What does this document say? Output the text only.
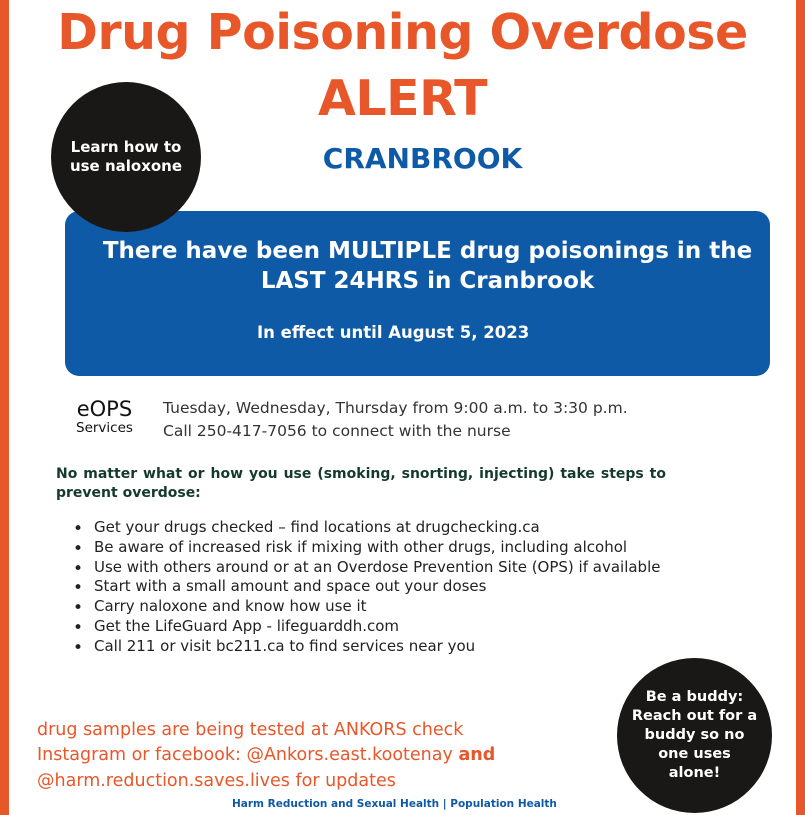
Drug Poisoning Overdose
ALERT
Learn how to use naloxone	CRANBROOK
There have been MULTIPLE drug poisonings in the
LAST 24HRS in Cranbrook
In effect until August 5, 2023
eOPS
Services
Tuesday, Wednesday, Thursday from 9:00 a.m. to 3:30 p.m.
Call 250-417-7056 to connect with the nurse
No matter what or how you use (smoking, snorting, injecting) take steps to prevent overdose:
• Get your drugs checked – find locations at drugchecking.ca
• Be aware of increased risk if mixing with other drugs, including alcohol
• Use with others around or at an Overdose Prevention Site (OPS) if available
• Start with a small amount and space out your doses
• Carry naloxone and know how use it
• Get the LifeGuard App - lifeguarddh.com
• Call 211 or visit bc211.ca to find services near you
drug samples are being tested at ANKORS check
Instagram or facebook: @Ankors.east.kootenay and
@harm.reduction.saves.lives for updates
Be a buddy: Reach out for a buddy so no one uses alone!
Harm Reduction and Sexual Health | Population Health
